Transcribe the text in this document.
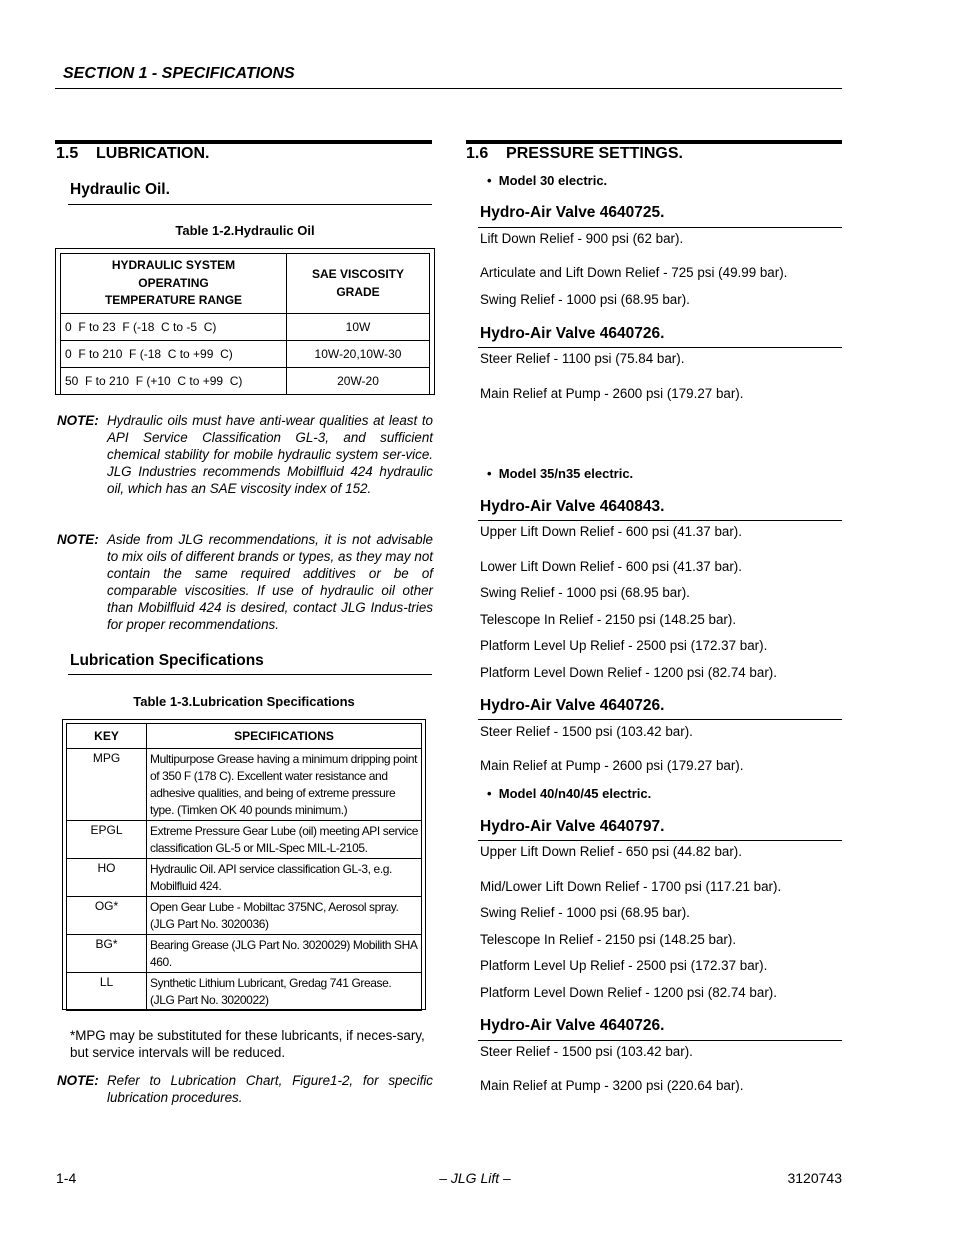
SECTION 1 - SPECIFICATIONS
1.5    LUBRICATION.
Hydraulic Oil.
Table 1-2.Hydraulic Oil
HYDRAULIC SYSTEM
OPERATING
TEMPERATURE RANGE	SAE VISCOSITY GRADE
0  F to 23  F (-18  C to -5  C)	10W
0  F to 210  F (-18  C to +99  C)	10W-20,10W-30
50  F to 210  F (+10  C to +99  C)	20W-20
NOTE: Hydraulic oils must have anti-wear qualities at least to API Service Classification GL-3, and sufficient chemical stability for mobile hydraulic system ser-vice. JLG Industries recommends Mobilfluid 424 hydraulic oil, which has an SAE viscosity index of 152.
NOTE: Aside from JLG recommendations, it is not advisable to mix oils of different brands or types, as they may not contain the same required additives or be of comparable viscosities. If use of hydraulic oil other than Mobilfluid 424 is desired, contact JLG Indus-tries for proper recommendations.
Lubrication Specifications
Table 1-3.Lubrication Specifications
KEY	SPECIFICATIONS
MPG	Multipurpose Grease having a minimum dripping point of 350 F (178 C). Excellent water resistance and adhesive qualities, and being of extreme pressure type. (Timken OK 40 pounds minimum.)
EPGL	Extreme Pressure Gear Lube (oil) meeting API service classification GL-5 or MIL-Spec MIL-L-2105.
HO	Hydraulic Oil. API service classification GL-3, e.g. Mobilfluid 424.
OG*	Open Gear Lube - Mobiltac 375NC, Aerosol spray. (JLG Part No. 3020036)
BG*	Bearing Grease (JLG Part No. 3020029) Mobilith SHA 460.
LL	Synthetic Lithium Lubricant, Gredag 741 Grease. (JLG Part No. 3020022)
*MPG may be substituted for these lubricants, if neces-sary, but service intervals will be reduced.
NOTE: Refer to Lubrication Chart, Figure1-2, for specific lubrication procedures.
1.6    PRESSURE SETTINGS.
•  Model 30 electric.
Hydro-Air Valve 4640725.
Lift Down Relief - 900 psi (62 bar).
Articulate and Lift Down Relief - 725 psi (49.99 bar).
Swing Relief - 1000 psi (68.95 bar).
Hydro-Air Valve 4640726.
Steer Relief - 1100 psi (75.84 bar).
Main Relief at Pump - 2600 psi (179.27 bar).
•  Model 35/n35 electric.
Hydro-Air Valve 4640843.
Upper Lift Down Relief - 600 psi (41.37 bar).
Lower Lift Down Relief - 600 psi (41.37 bar).
Swing Relief - 1000 psi (68.95 bar).
Telescope In Relief - 2150 psi (148.25 bar).
Platform Level Up Relief - 2500 psi (172.37 bar).
Platform Level Down Relief - 1200 psi (82.74 bar).
Hydro-Air Valve 4640726.
Steer Relief - 1500 psi (103.42 bar).
Main Relief at Pump - 2600 psi (179.27 bar).
•  Model 40/n40/45 electric.
Hydro-Air Valve 4640797.
Upper Lift Down Relief - 650 psi (44.82 bar).
Mid/Lower Lift Down Relief - 1700 psi (117.21 bar).
Swing Relief - 1000 psi (68.95 bar).
Telescope In Relief - 2150 psi (148.25 bar).
Platform Level Up Relief - 2500 psi (172.37 bar).
Platform Level Down Relief - 1200 psi (82.74 bar).
Hydro-Air Valve 4640726.
Steer Relief - 1500 psi (103.42 bar).
Main Relief at Pump - 3200 psi (220.64 bar).
1-4	– JLG Lift –	3120743
